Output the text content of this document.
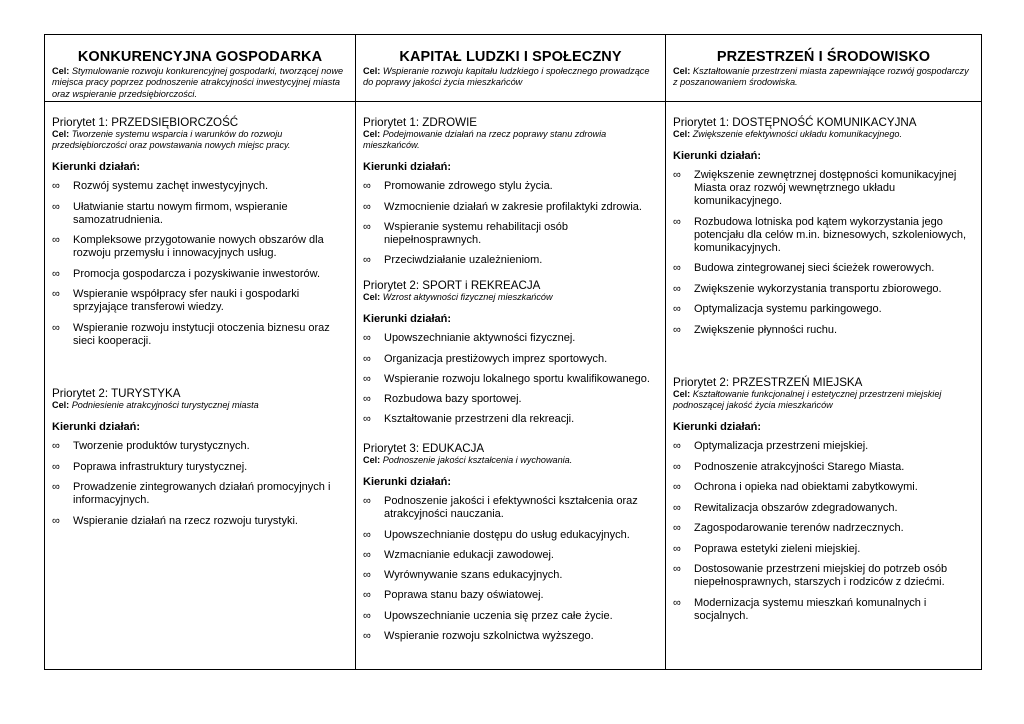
KONKURENCYJNA GOSPODARKA
Cel: Stymulowanie rozwoju konkurencyjnej gospodarki, tworzącej nowe miejsca pracy poprzez podnoszenie atrakcyjności inwestycyjnej miasta oraz wspieranie przedsiębiorczości.
Priorytet 1: PRZEDSIĘBIORCZOŚĆ
Cel: Tworzenie systemu wsparcia i warunków do rozwoju przedsiębiorczości oraz powstawania nowych miejsc pracy.
Kierunki działań:
∞ Rozwój systemu zachęt inwestycyjnych.
∞ Ułatwianie startu nowym firmom, wspieranie samozatrudnienia.
∞ Kompleksowe przygotowanie nowych obszarów dla rozwoju przemysłu i innowacyjnych usług.
∞ Promocja gospodarcza i pozyskiwanie inwestorów.
∞ Wspieranie współpracy sfer nauki i gospodarki sprzyjające transferowi wiedzy.
∞ Wspieranie rozwoju instytucji otoczenia biznesu oraz sieci kooperacji.
Priorytet 2: TURYSTYKA
Cel: Podniesienie atrakcyjności turystycznej miasta
Kierunki działań:
∞ Tworzenie produktów turystycznych.
∞ Poprawa infrastruktury turystycznej.
∞ Prowadzenie zintegrowanych działań promocyjnych i informacyjnych.
∞ Wspieranie działań na rzecz rozwoju turystyki.
KAPITAŁ LUDZKI I SPOŁECZNY
Cel: Wspieranie rozwoju kapitału ludzkiego i społecznego prowadzące do poprawy jakości życia mieszkańców
Priorytet 1: ZDROWIE
Cel: Podejmowanie działań na rzecz poprawy stanu zdrowia mieszkańców.
Kierunki działań:
∞ Promowanie zdrowego stylu życia.
∞ Wzmocnienie działań w zakresie profilaktyki zdrowia.
∞ Wspieranie systemu rehabilitacji osób niepełnosprawnych.
∞ Przeciwdziałanie uzależnieniom.
Priorytet 2: SPORT i REKREACJA
Cel: Wzrost aktywności fizycznej mieszkańców
Kierunki działań:
∞ Upowszechnianie aktywności fizycznej.
∞ Organizacja prestiżowych imprez sportowych.
∞ Wspieranie rozwoju lokalnego sportu kwalifikowanego.
∞ Rozbudowa bazy sportowej.
∞ Kształtowanie przestrzeni dla rekreacji.
Priorytet 3: EDUKACJA
Cel: Podnoszenie jakości kształcenia i wychowania.
Kierunki działań:
∞ Podnoszenie jakości i efektywności kształcenia oraz atrakcyjności nauczania.
∞ Upowszechnianie dostępu do usług edukacyjnych.
∞ Wzmacnianie edukacji zawodowej.
∞ Wyrównywanie szans edukacyjnych.
∞ Poprawa stanu bazy oświatowej.
∞ Upowszechnianie uczenia się przez całe życie.
∞ Wspieranie rozwoju szkolnictwa wyższego.
PRZESTRZEŃ I ŚRODOWISKO
Cel: Kształtowanie przestrzeni miasta zapewniające rozwój gospodarczy z poszanowaniem środowiska.
Priorytet 1: DOSTĘPNOŚĆ KOMUNIKACYJNA
Cel: Zwiększenie efektywności układu komunikacyjnego.
Kierunki działań:
∞ Zwiększenie zewnętrznej dostępności komunikacyjnej Miasta oraz rozwój wewnętrznego układu komunikacyjnego.
∞ Rozbudowa lotniska pod kątem wykorzystania jego potencjału dla celów m.in. biznesowych, szkoleniowych, komunikacyjnych.
∞ Budowa zintegrowanej sieci ścieżek rowerowych.
∞ Zwiększenie wykorzystania transportu zbiorowego.
∞ Optymalizacja systemu parkingowego.
∞ Zwiększenie płynności ruchu.
Priorytet 2: PRZESTRZEŃ MIEJSKA
Cel: Kształtowanie funkcjonalnej i estetycznej przestrzeni miejskiej podnoszącej jakość życia mieszkańców
Kierunki działań:
∞ Optymalizacja przestrzeni miejskiej.
∞ Podnoszenie atrakcyjności Starego Miasta.
∞ Ochrona i opieka nad obiektami zabytkowymi.
∞ Rewitalizacja obszarów zdegradowanych.
∞ Zagospodarowanie terenów nadrzecznych.
∞ Poprawa estetyki zieleni miejskiej.
∞ Dostosowanie przestrzeni miejskiej do potrzeb osób niepełnosprawnych, starszych i rodziców z dziećmi.
∞ Modernizacja systemu mieszkań komunalnych i socjalnych.
